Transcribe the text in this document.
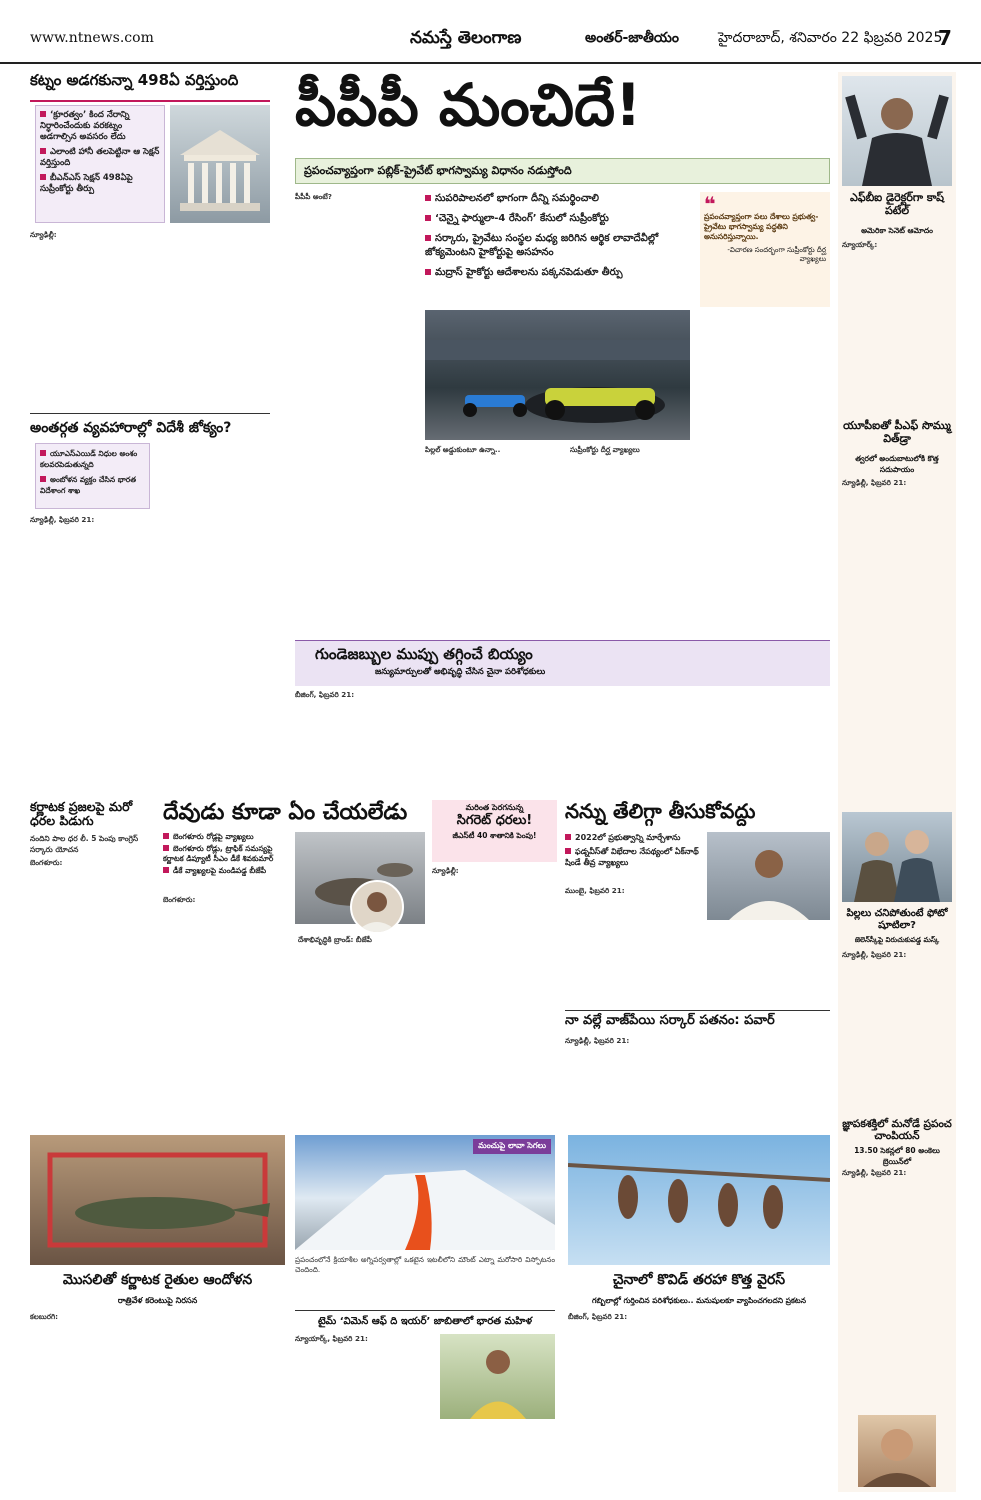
www.ntnews.com	నమస్తే తెలంగాణ	అంతర్‌-జాతీయం	హైదరాబాద్‌, శనివారం 22 ఫిబ్రవరి 2025
7
కట్నం అడగకున్నా 498ఏ వర్తిస్తుంది
‘క్రూరత్వం’ కింద నేరాన్ని నిర్ధారించేందుకు వరకట్నం అడగాల్సిన అవసరం లేదు
ఎలాంటి హానీ తలపెట్టినా ఆ సెక్షన్‌ వర్తిస్తుంది
బీఎన్‌ఎస్‌ సెక్షన్‌ 498ఏపై సుప్రీంకోర్టు తీర్పు
న్యూఢిల్లీ:
అంతర్గత వ్యవహారాల్లో విదేశీ జోక్యం?
యూఎస్‌ఎయిడ్‌ నిధుల అంశం కలవరపెడుతున్నది
అంబోళన వ్యక్తం చేసిన భారత విదేశాంగ శాఖ
న్యూఢిల్లీ, ఫిబ్రవరి 21:
పీపీపీ మంచిదే!
ప్రపంచవ్యాప్తంగా పబ్లిక్‌-ప్రైవేట్‌ భాగస్వామ్య విధానం నడుస్తోంది
పీపీపీ అంటే?	సుపరిపాలనలో భాగంగా దీన్ని సమర్థించాలి
‘చెన్నై ఫార్ములా-4 రేసింగ్‌’ కేసులో సుప్రీంకోర్టు
సర్కారు, ప్రైవేటు సంస్థల మధ్య జరిగిన ఆర్థిక లావాదేవీల్లో జోక్యమెంటని హైకోర్టుపై అసహనం
మద్రాస్‌ హైకోర్టు ఆదేశాలను పక్కనపెడుతూ తీర్పు
❝
ప్రపంచవ్యాప్తంగా పలు దేశాలు ప్రభుత్వ-ప్రైవేటు భాగస్వామ్య పద్ధతిని అనుసరిస్తున్నాయి.
-విచారణ సందర్భంగా సుప్రీంకోర్టు దీర్ఘ వ్యాఖ్యలు
పిల్లల్‌ అడ్డుకుంటూ ఉన్నా..	సుప్రీంకోర్టు దీర్ఘ వ్యాఖ్యలు
గుండెజబ్బుల ముప్పు తగ్గించే బియ్యం
జన్యుమార్పులతో అభివృద్ధి చేసిన చైనా పరిశోధకులు
బీజింగ్‌, ఫిబ్రవరి 21:
ఎఫ్‌బీఐ డైరెక్టర్‌గా కాష్‌ పటేల్‌
అమెరికా సెనెట్‌ ఆమోదం
న్యూయార్క్‌:
యూపీఐతో పీఎఫ్‌ సొమ్ము విత్‌డ్రా
త్వరలో అందుబాటులోకి కొత్త సదుపాయం
న్యూఢిల్లీ, ఫిబ్రవరి 21:
పిల్లలు చనిపోతుంటే ఫోటో షూటిలా?
జెలెన్‌స్కీపై విరుచుకుపడ్డ మస్క్‌
న్యూఢిల్లీ, ఫిబ్రవరి 21:
జ్ఞాపకశక్తిలో మనోడే ప్రపంచ చాంపియన్‌
13.50 సెకన్లలో 80 అంకెలు బ్రెయిన్‌లో
న్యూఢిల్లీ, ఫిబ్రవరి 21:
కర్ణాటక ప్రజలపై మరో ధరల పిడుగు
నందిని పాల ధర లీ. 5 పెంపు కాంగ్రెస్‌ సర్కారు యోచన
బెంగళూరు:
దేవుడు కూడా ఏం చేయలేడు
బెంగళూరు రోడ్లపై వ్యాఖ్యలు
బెంగళూరు రోడ్లు, ట్రాఫిక్‌ సమస్యపై కర్ణాటక డిప్యూటీ సీఎం డీకే శివకుమార్‌
డీకే వ్యాఖ్యలపై మండిపడ్డ బీజేపీ
బెంగళూరు:
దేశాభివృద్ధికి బ్రాండ్‌: బీజేపీ
మరింత పెరగనున్న
సిగరెట్‌ ధరలు!
జీఎస్‌టీ 40 శాతానికి పెంపు!
న్యూఢిల్లీ:
నన్ను తేలిగ్గా తీసుకోవద్దు
2022లో ప్రభుత్వాన్ని మార్చేశాను
ఫడ్నవీస్‌తో విభేదాల నేపథ్యంలో ఏక్‌నాథ్‌ షిండే తీవ్ర వ్యాఖ్యలు
ముంబై, ఫిబ్రవరి 21:
నా వల్లే వాజ్‌పేయి సర్కార్‌ పతనం: పవార్‌
న్యూఢిల్లీ, ఫిబ్రవరి 21:
మొసలితో కర్ణాటక రైతుల ఆందోళన
రాత్రివేళ కరెంటుపై నిరసన
కలబురగి:
మంచుపై లావా సెగలు
ప్రపంచంలోనే క్రియాశీల అగ్నిపర్వతాల్లో ఒకటైన ఇటలీలోని మౌంట్‌ ఎట్నా మరోసారి విస్ఫోటనం చెందింది.
చైనాలో కొవిడ్‌ తరహా కొత్త వైరస్‌
గబ్బిలాల్లో గుర్తించిన పరిశోధకులు.. మనుషులకూ వ్యాపించగలదని ప్రకటన
బీజింగ్‌, ఫిబ్రవరి 21:
టైమ్‌ ‘విమెన్‌ ఆఫ్‌ ది ఇయర్‌’ జాబితాలో భారత మహిళ
న్యూయార్క్‌, ఫిబ్రవరి 21:
